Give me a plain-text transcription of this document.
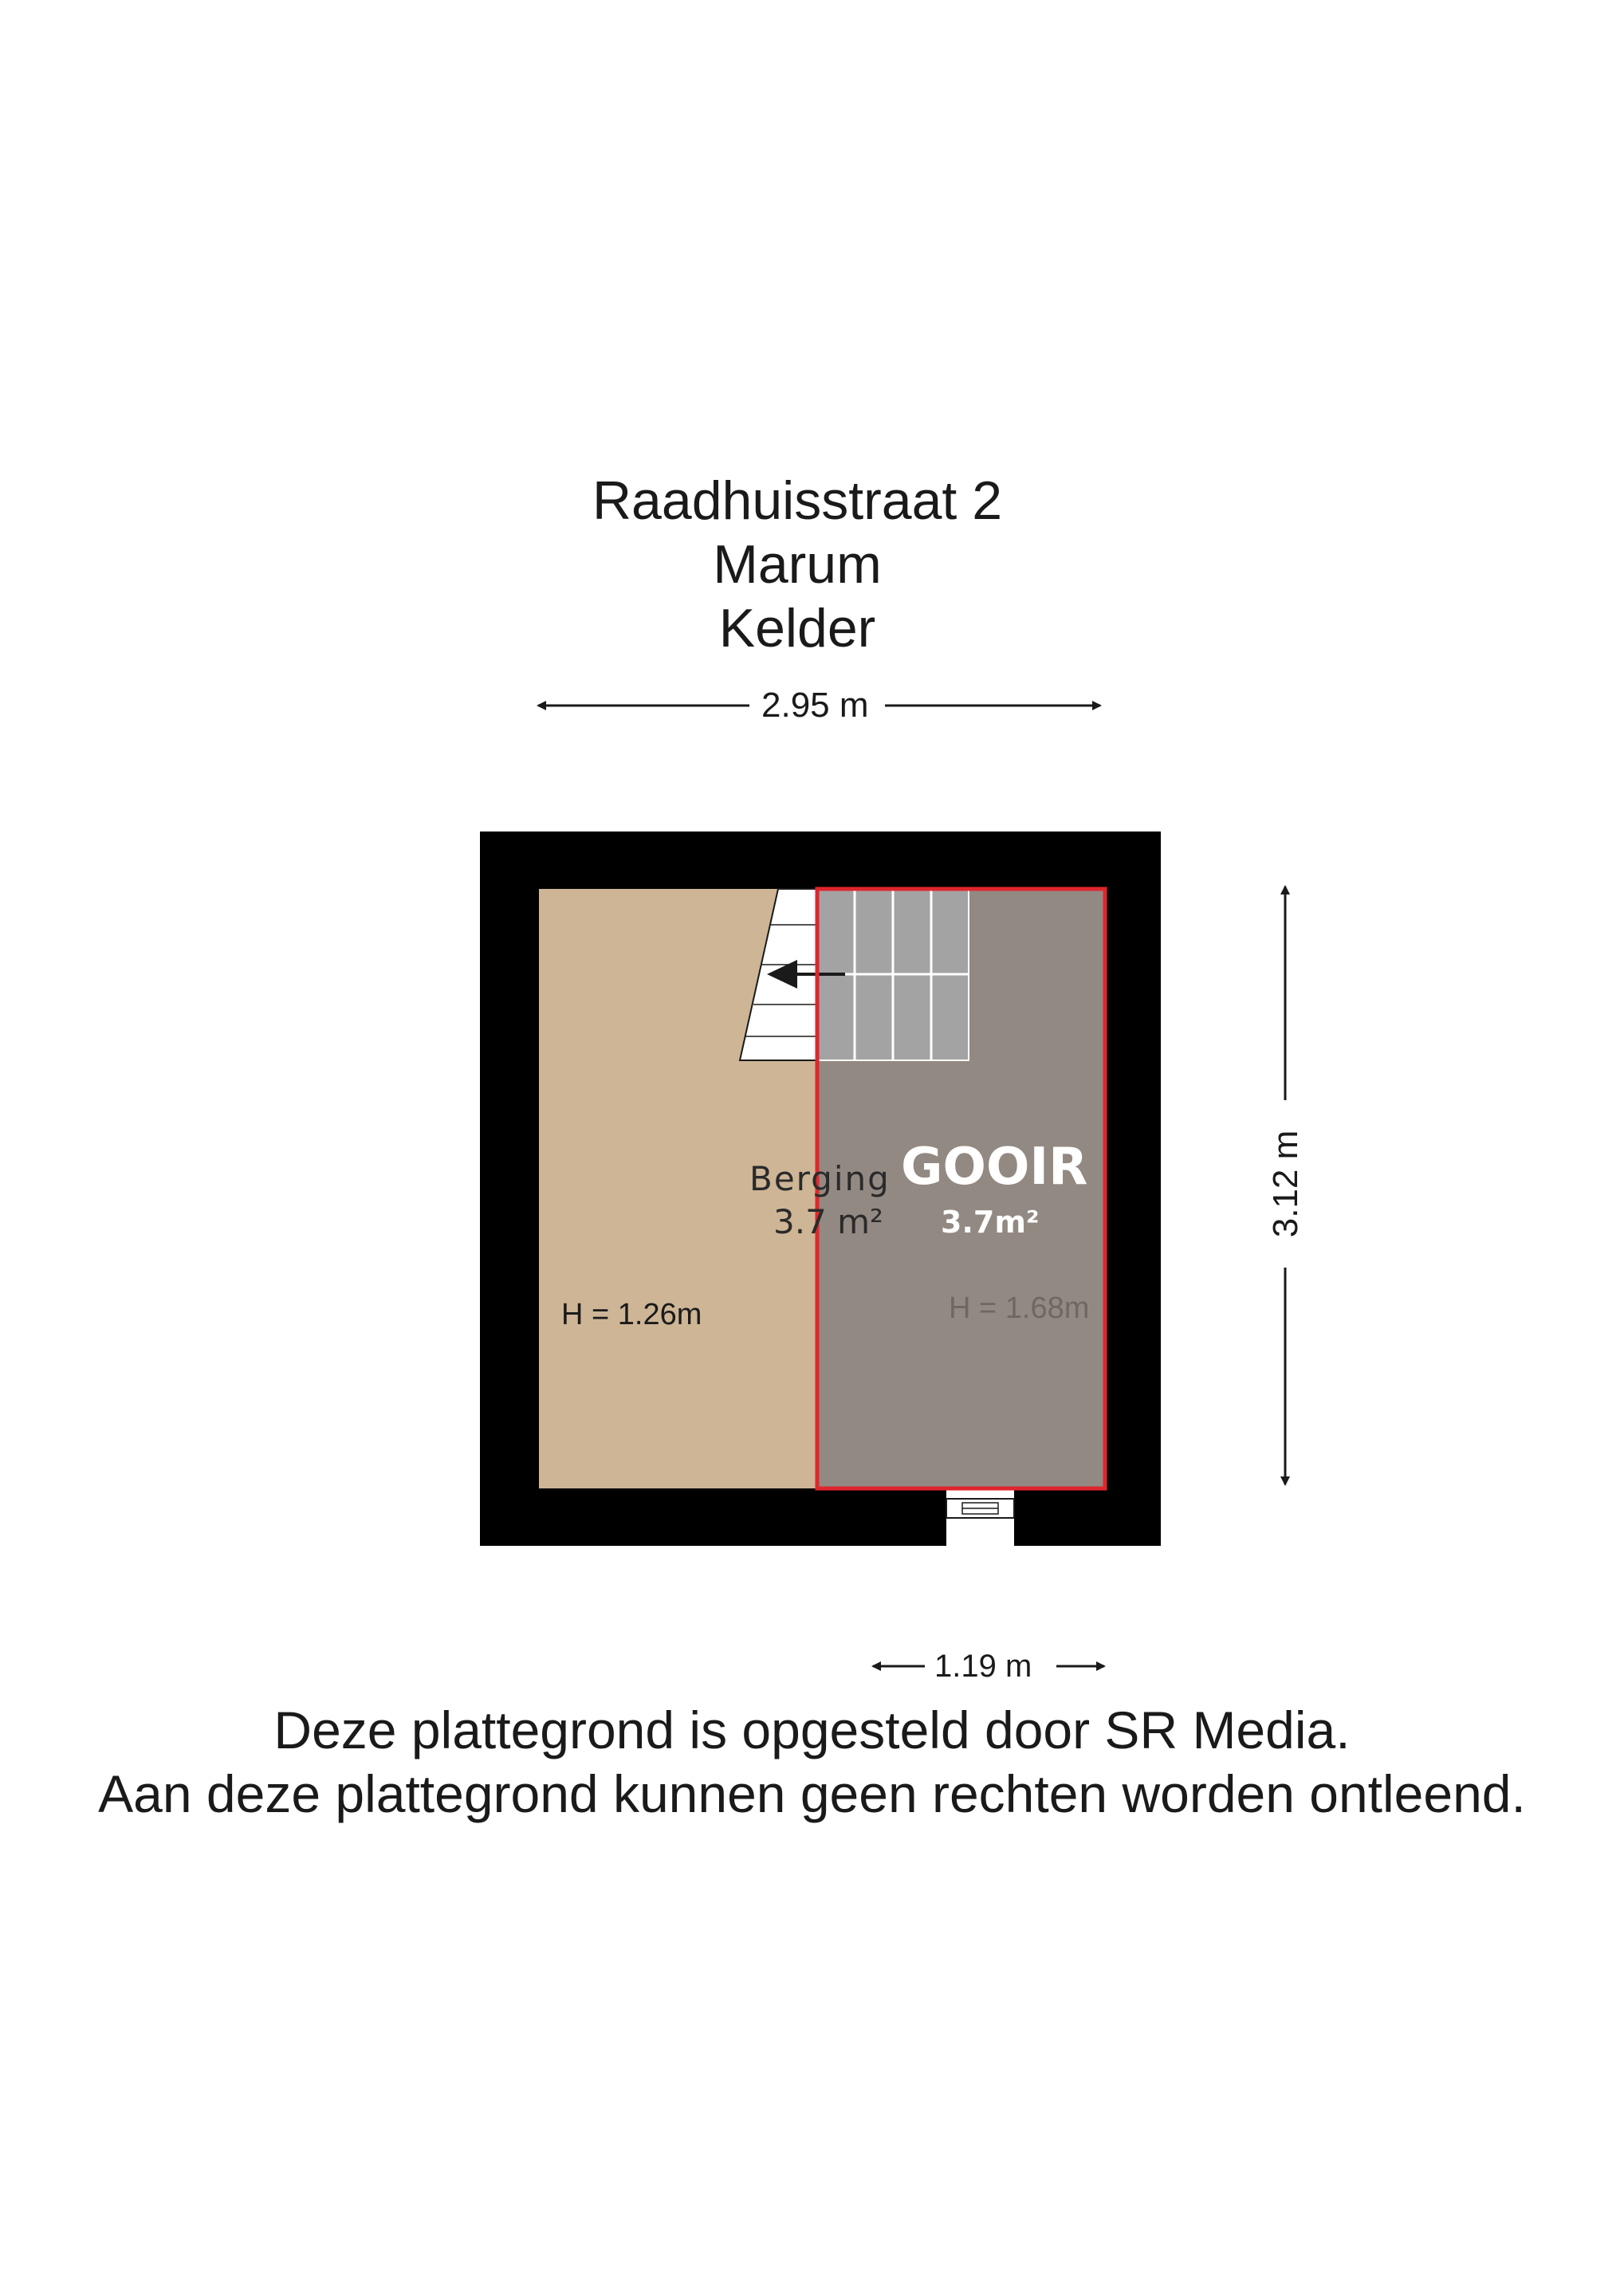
Raadhuisstraat 2
Marum
Kelder
2.95 m
1.19 m
3.12 m
Berging
3.7 m²
H = 1.26m	H = 1.68m
GOOIR
3.7m²
Deze plattegrond is opgesteld door SR Media.
Aan deze plattegrond kunnen geen rechten worden ontleend.
